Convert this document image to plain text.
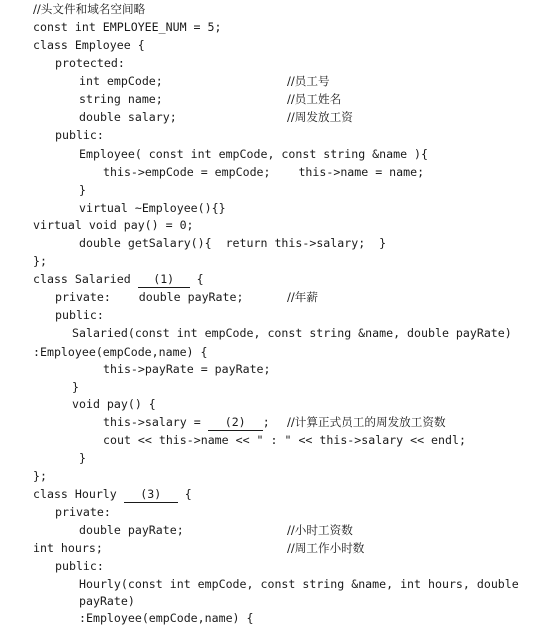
//头文件和域名空间略
const int EMPLOYEE_NUM = 5;
class Employee {
protected:
int empCode;	//员工号
string name;	//员工姓名
double salary;	//周发放工资
public:
Employee( const int empCode, const string &name ){
this->empCode = empCode;    this->name = name;
}
virtual ~Employee(){}
virtual void pay() = 0;
double getSalary(){  return this->salary;  }
};
class Salaried (1) {
private:    double payRate;	//年薪
public:
Salaried(const int empCode, const string &name, double payRate)
:Employee(empCode,name) {
this->payRate = payRate;
}
void pay() {
this->salary = (2) ; //计算正式员工的周发放工资数
cout << this->name << " : " << this->salary << endl;
}
};
class Hourly (3) {
private:
double payRate;	//小时工资数
int hours;	//周工作小时数
public:
Hourly(const int empCode, const string &name, int hours, double
payRate)
:Employee(empCode,name) {
